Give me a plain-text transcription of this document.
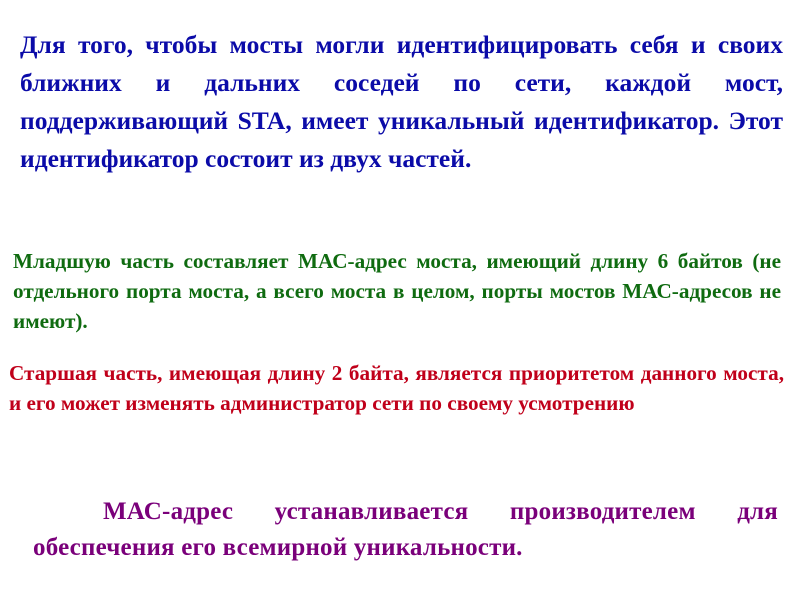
Для того, чтобы мосты могли идентифицировать себя и своих ближних и дальних соседей по сети, каждой мост, поддерживающий STA, имеет уникальный идентификатор. Этот идентификатор состоит из двух частей.

Младшую часть составляет МАС-адрес моста, имеющий длину 6 байтов (не отдельного порта моста, а всего моста в целом, порты мостов МАС-адресов не имеют).

Старшая часть, имеющая длину 2 байта, является приоритетом данного моста, и его может изменять администратор сети по своему усмотрению

МАС-адрес устанавливается производителем для обеспечения его всемирной уникальности.
